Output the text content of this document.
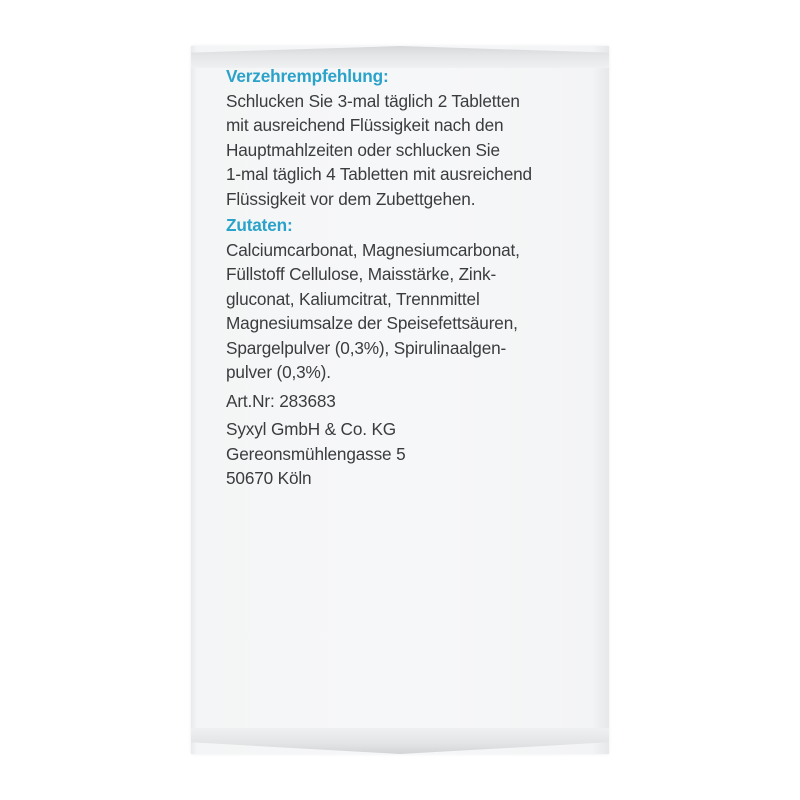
Verzehrempfehlung:

Schlucken Sie 3-mal täglich 2 Tabletten
mit ausreichend Flüssigkeit nach den
Hauptmahlzeiten oder schlucken Sie
1-mal täglich 4 Tabletten mit ausreichend
Flüssigkeit vor dem Zubettgehen.

Zutaten:

Calciumcarbonat, Magnesiumcarbonat,
Füllstoff Cellulose, Maisstärke, Zink-
gluconat, Kaliumcitrat, Trennmittel
Magnesiumsalze der Speisefettsäuren,
Spargelpulver (0,3%), Spirulinaalgen-
pulver (0,3%).

Art.Nr: 283683

Syxyl GmbH & Co. KG

Gereonsmühlengasse 5

50670 Köln
